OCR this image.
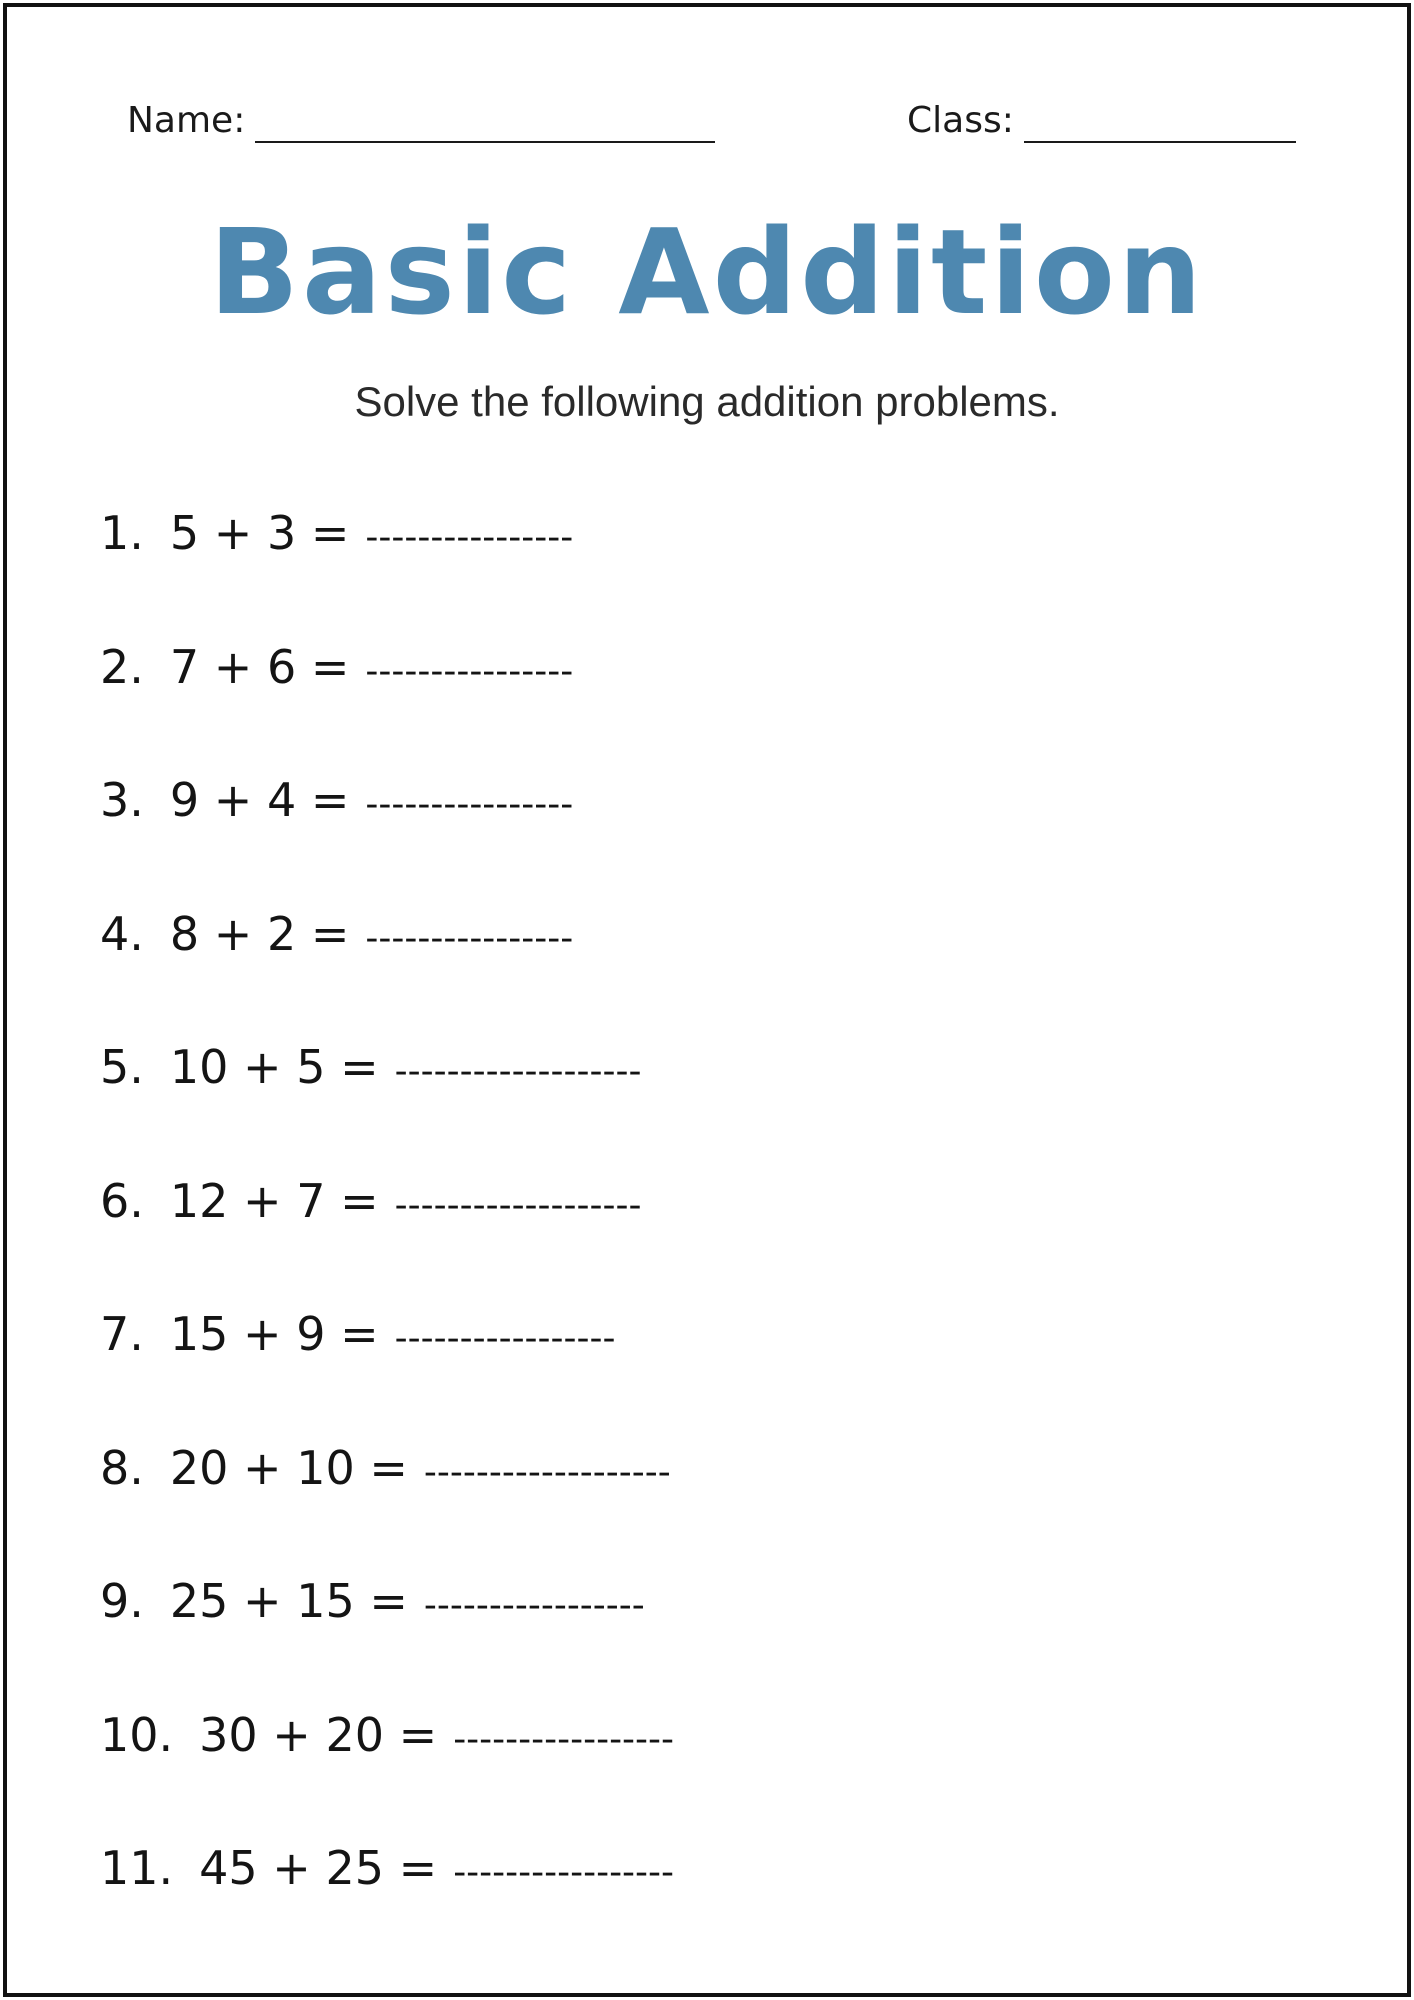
Name:	Class:
Basic Addition
Solve the following addition problems.
1. 5 + 3 = ----------------
2. 7 + 6 = ----------------
3. 9 + 4 = ----------------
4. 8 + 2 = ----------------
5. 10 + 5 = -------------------
6. 12 + 7 = -------------------
7. 15 + 9 = -----------------
8. 20 + 10 = -------------------
9. 25 + 15 = -----------------
10. 30 + 20 = -----------------
11. 45 + 25 = -----------------
